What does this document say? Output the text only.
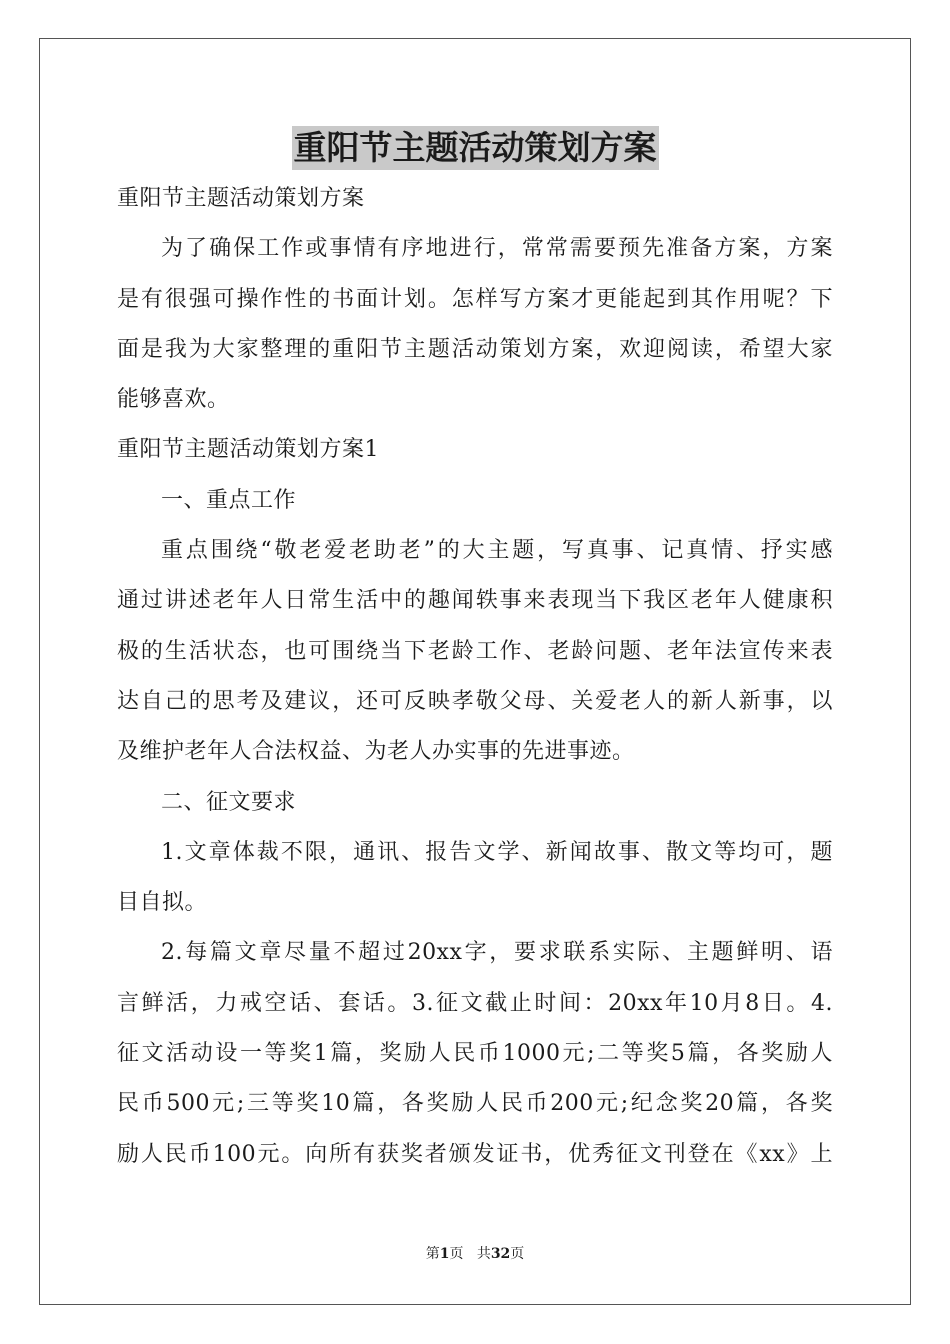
重阳节主题活动策划方案
重阳节主题活动策划方案
为了确保工作或事情有序地进行，常常需要预先准备方案，方案
是有很强可操作性的书面计划。怎样写方案才更能起到其作用呢？下
面是我为大家整理的重阳节主题活动策划方案，欢迎阅读，希望大家
能够喜欢。
重阳节主题活动策划方案1
一、重点工作
重点围绕“敬老爱老助老”的大主题，写真事、记真情、抒实感
通过讲述老年人日常生活中的趣闻轶事来表现当下我区老年人健康积
极的生活状态，也可围绕当下老龄工作、老龄问题、老年法宣传来表
达自己的思考及建议，还可反映孝敬父母、关爱老人的新人新事，以
及维护老年人合法权益、为老人办实事的先进事迹。
二、征文要求
1.文章体裁不限，通讯、报告文学、新闻故事、散文等均可，题
目自拟。
2.每篇文章尽量不超过20xx字，要求联系实际、主题鲜明、语
言鲜活，力戒空话、套话。3.征文截止时间：20xx年10月8日。4.
征文活动设一等奖1篇，奖励人民币1000元;二等奖5篇，各奖励人
民币500元;三等奖10篇，各奖励人民币200元;纪念奖20篇，各奖
励人民币100元。向所有获奖者颁发证书，优秀征文刊登在《xx》上
第1页 共32页
